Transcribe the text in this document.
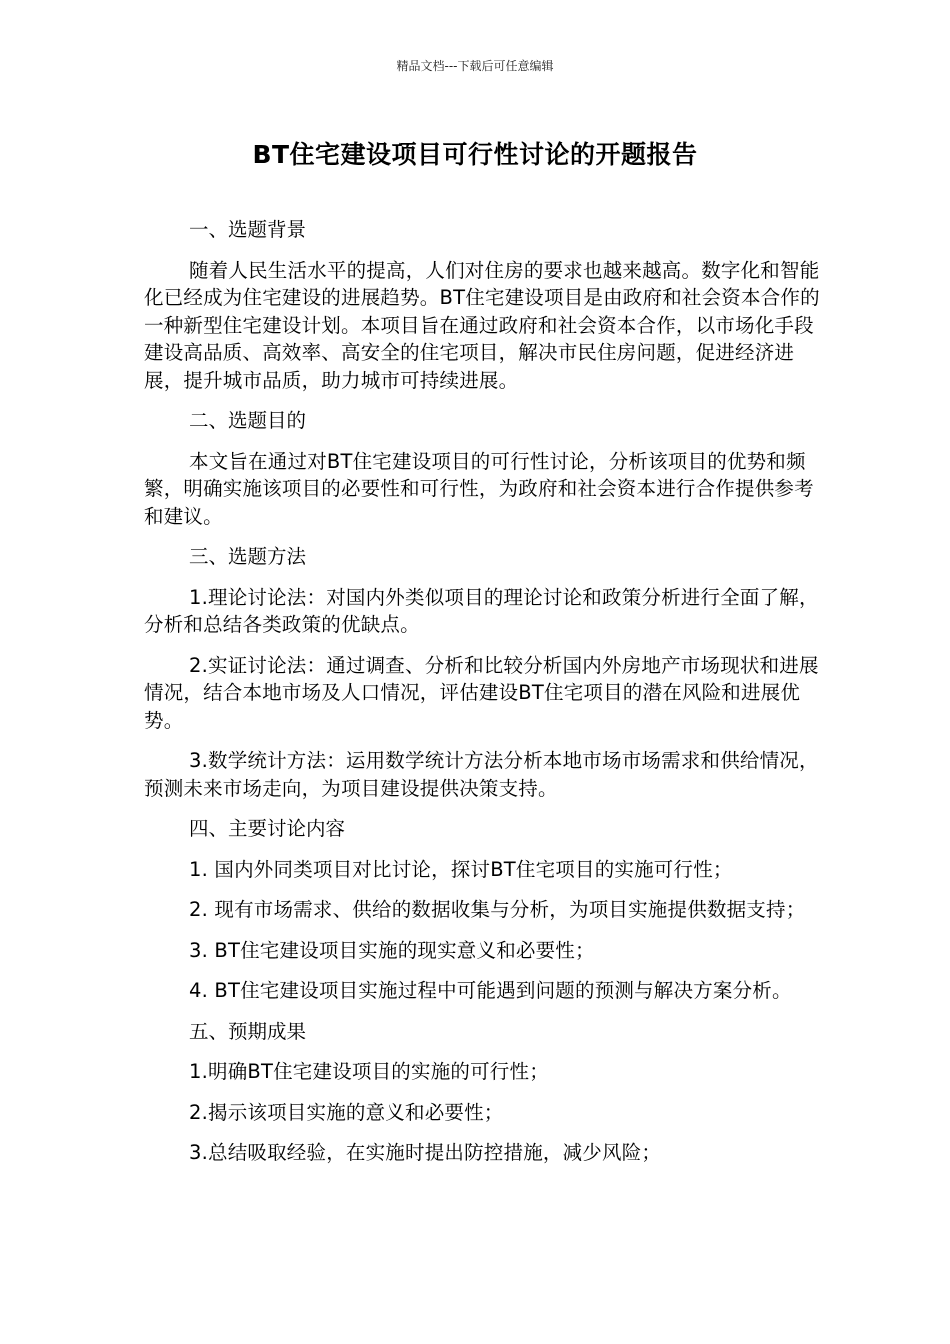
精品文档---下载后可任意编辑
BT住宅建设项目可行性讨论的开题报告

一、选题背景

随着人民生活水平的提高，人们对住房的要求也越来越高。数字化和智能化已经成为住宅建设的进展趋势。BT住宅建设项目是由政府和社会资本合作的一种新型住宅建设计划。本项目旨在通过政府和社会资本合作，以市场化手段建设高品质、高效率、高安全的住宅项目，解决市民住房问题，促进经济进展，提升城市品质，助力城市可持续进展。

二、选题目的

本文旨在通过对BT住宅建设项目的可行性讨论，分析该项目的优势和频繁，明确实施该项目的必要性和可行性，为政府和社会资本进行合作提供参考和建议。

三、选题方法

1.理论讨论法：对国内外类似项目的理论讨论和政策分析进行全面了解，分析和总结各类政策的优缺点。

2.实证讨论法：通过调查、分析和比较分析国内外房地产市场现状和进展情况，结合本地市场及人口情况，评估建设BT住宅项目的潜在风险和进展优势。

3.数学统计方法：运用数学统计方法分析本地市场市场需求和供给情况，预测未来市场走向，为项目建设提供决策支持。

四、主要讨论内容

1. 国内外同类项目对比讨论，探讨BT住宅项目的实施可行性；

2. 现有市场需求、供给的数据收集与分析，为项目实施提供数据支持；

3. BT住宅建设项目实施的现实意义和必要性；

4. BT住宅建设项目实施过程中可能遇到问题的预测与解决方案分析。

五、预期成果

1.明确BT住宅建设项目的实施的可行性；

2.揭示该项目实施的意义和必要性；

3.总结吸取经验，在实施时提出防控措施，减少风险；
